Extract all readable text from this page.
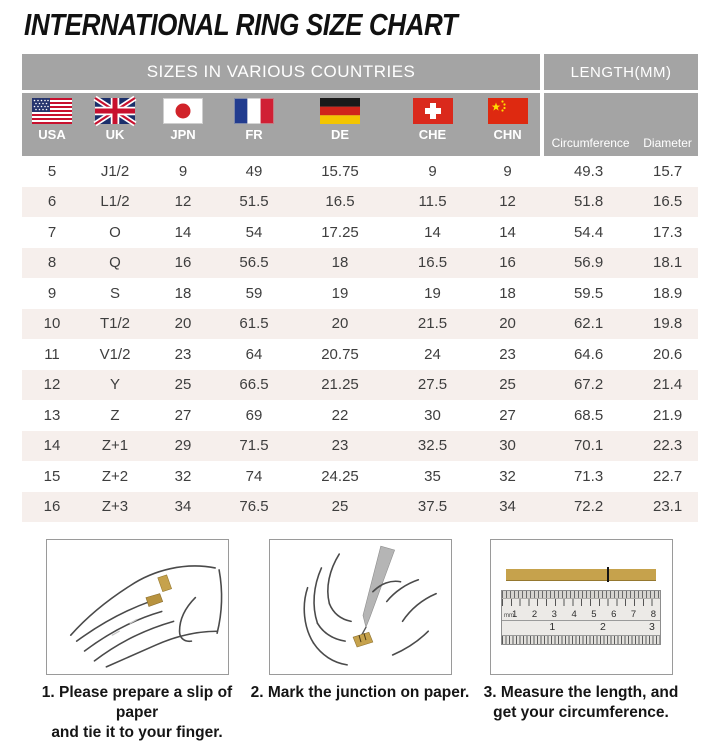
INTERNATIONAL RING SIZE CHART
SIZES IN VARIOUS COUNTRIES							LENGTH(MM)	

USA	UK	JPN	FR	DE	CHE	CHN	Circumference	Diameter
5	J1/2	9	49	15.75	9	9	49.3	15.7
6	L1/2	12	51.5	16.5	11.5	12	51.8	16.5
7	O	14	54	17.25	14	14	54.4	17.3
8	Q	16	56.5	18	16.5	16	56.9	18.1
9	S	18	59	19	19	18	59.5	18.9
10	T1/2	20	61.5	20	21.5	20	62.1	19.8
11	V1/2	23	64	20.75	24	23	64.6	20.6
12	Y	25	66.5	21.25	27.5	25	67.2	21.4
13	Z	27	69	22	30	27	68.5	21.9
14	Z+1	29	71.5	23	32.5	30	70.1	22.3
15	Z+2	32	74	24.25	35	32	71.3	22.7
16	Z+3	34	76.5	25	37.5	34	72.2	23.1
1. Please prepare a slip of paper
and tie it to your finger.
2. Mark the junction on paper.
mm
1 2 3 4 5 6 7 8
1	2	3
3. Measure the length, and
get your circumference.
